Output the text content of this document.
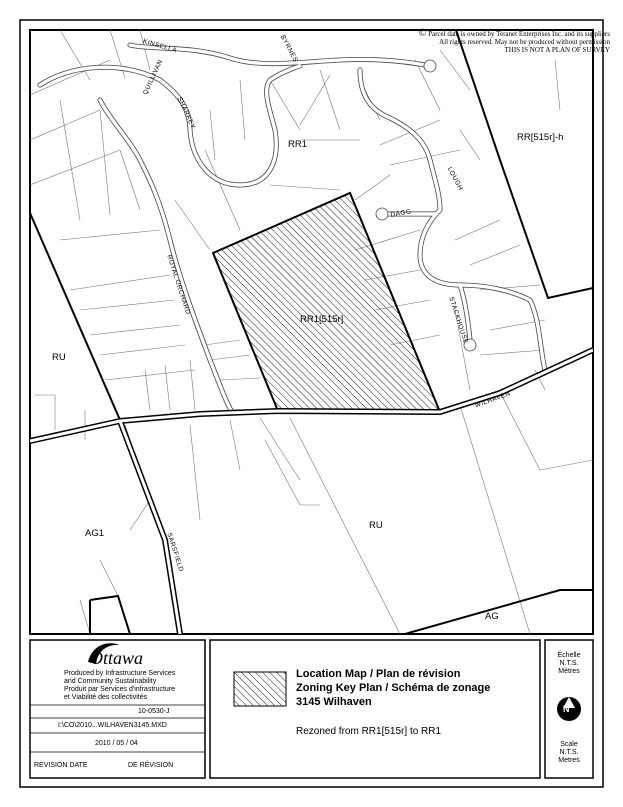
© Parcel data is owned by Teranet Enterprises Inc. and its suppliers
All rights reserved. May not be produced without permission
THIS IS NOT A PLAN OF SURVEY
RR1
RR[515r]-h
RR1[515r]
RU
RU
AG1
AG
KINSELLA
QUILLIVAN
BYRNES
SHARKEY
LOUGH
DAGG
ROYAL ORCHARD
STACKHOUSE
WILHAVEN
SARSFIELD
Ottawa
Produced by Infrastructure Services
and Community Sustainability
Produit par Services d'infrastructure
et Viabilité des collectivités
10-0530-J
I:\CO\2010...WILHAVEN3145.MXD
2010 / 05 / 04
REVISION DATE	DE RÉVISION
Location Map / Plan de révision
Zoning Key Plan / Schéma de zonage
3145 Wilhaven
Rezoned from RR1[515r] to RR1
Échelle
N.T.S.
Mètres
N
Scale
N.T.S.
Metres
